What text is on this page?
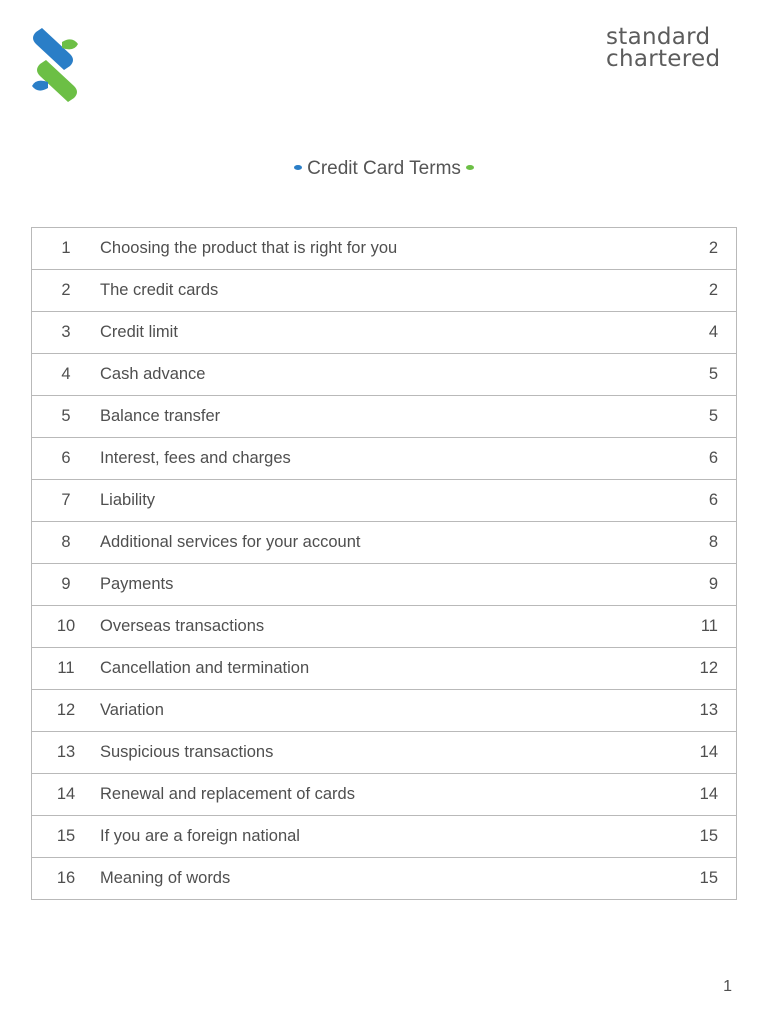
standard
chartered
Credit Card Terms
1	Choosing the product that is right for you	2
2	The credit cards	2
3	Credit limit	4
4	Cash advance	5
5	Balance transfer	5
6	Interest, fees and charges	6
7	Liability	6
8	Additional services for your account	8
9	Payments	9
10	Overseas transactions	11
11	Cancellation and termination	12
12	Variation	13
13	Suspicious transactions	14
14	Renewal and replacement of cards	14
15	If you are a foreign national	15
16	Meaning of words	15
1
